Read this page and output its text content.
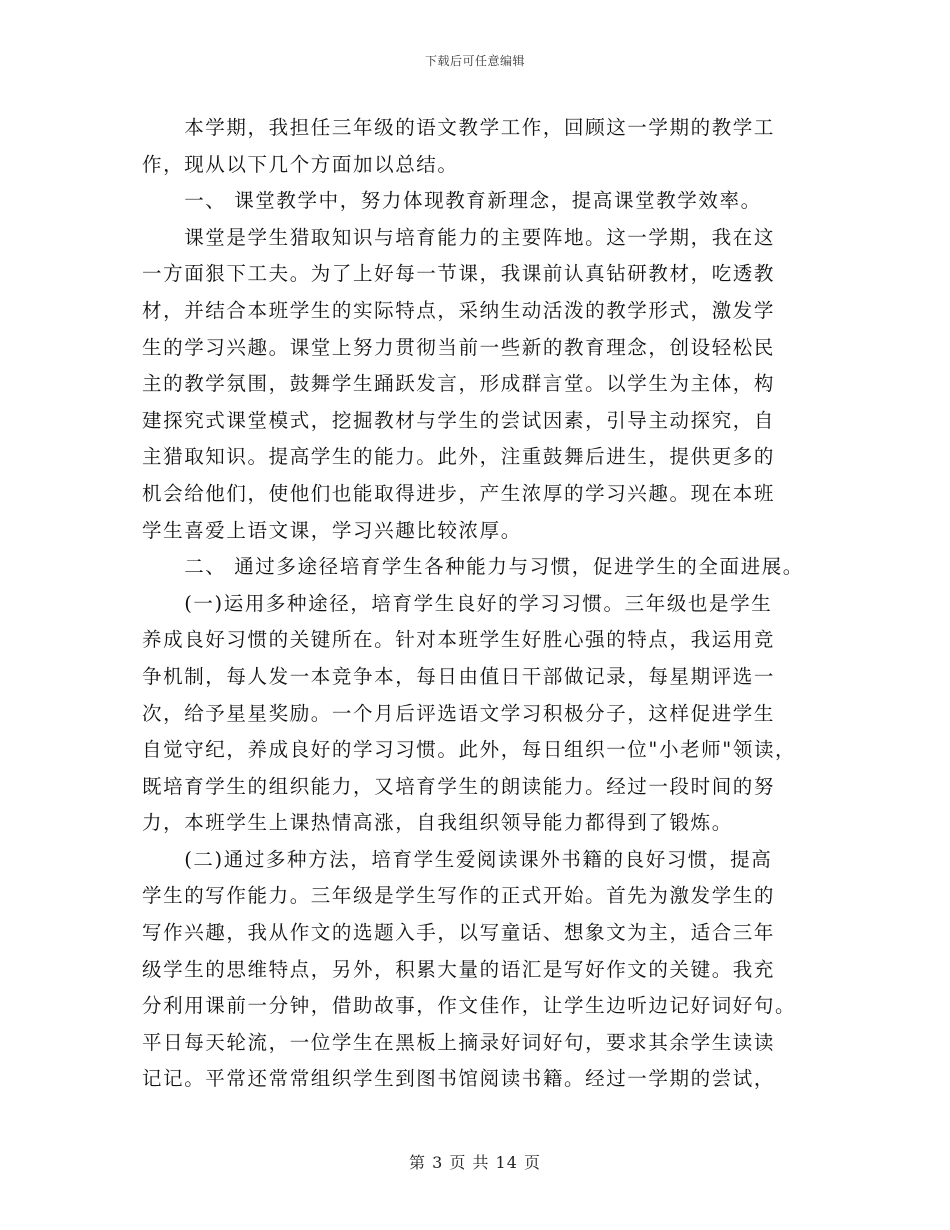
下载后可任意编辑
　　本学期，我担任三年级的语文教学工作，回顾这一学期的教学工
作，现从以下几个方面加以总结。
　　一、 课堂教学中，努力体现教育新理念，提高课堂教学效率。
　　课堂是学生猎取知识与培育能力的主要阵地。这一学期，我在这
一方面狠下工夫。为了上好每一节课，我课前认真钻研教材，吃透教
材，并结合本班学生的实际特点，采纳生动活泼的教学形式，激发学
生的学习兴趣。课堂上努力贯彻当前一些新的教育理念，创设轻松民
主的教学氛围，鼓舞学生踊跃发言，形成群言堂。以学生为主体，构
建探究式课堂模式，挖掘教材与学生的尝试因素，引导主动探究，自
主猎取知识。提高学生的能力。此外，注重鼓舞后进生，提供更多的
机会给他们，使他们也能取得进步，产生浓厚的学习兴趣。现在本班
学生喜爱上语文课，学习兴趣比较浓厚。
　　二、 通过多途径培育学生各种能力与习惯，促进学生的全面进展。
　　(一)运用多种途径，培育学生良好的学习习惯。三年级也是学生
养成良好习惯的关键所在。针对本班学生好胜心强的特点，我运用竞
争机制，每人发一本竞争本，每日由值日干部做记录，每星期评选一
次，给予星星奖励。一个月后评选语文学习积极分子，这样促进学生
自觉守纪，养成良好的学习习惯。此外，每日组织一位"小老师"领读，
既培育学生的组织能力，又培育学生的朗读能力。经过一段时间的努
力，本班学生上课热情高涨，自我组织领导能力都得到了锻炼。
　　(二)通过多种方法，培育学生爱阅读课外书籍的良好习惯，提高
学生的写作能力。三年级是学生写作的正式开始。首先为激发学生的
写作兴趣，我从作文的选题入手，以写童话、想象文为主，适合三年
级学生的思维特点，另外，积累大量的语汇是写好作文的关键。我充
分利用课前一分钟，借助故事，作文佳作，让学生边听边记好词好句。
平日每天轮流，一位学生在黑板上摘录好词好句，要求其余学生读读
记记。平常还常常组织学生到图书馆阅读书籍。经过一学期的尝试，
第 3 页 共 14 页
